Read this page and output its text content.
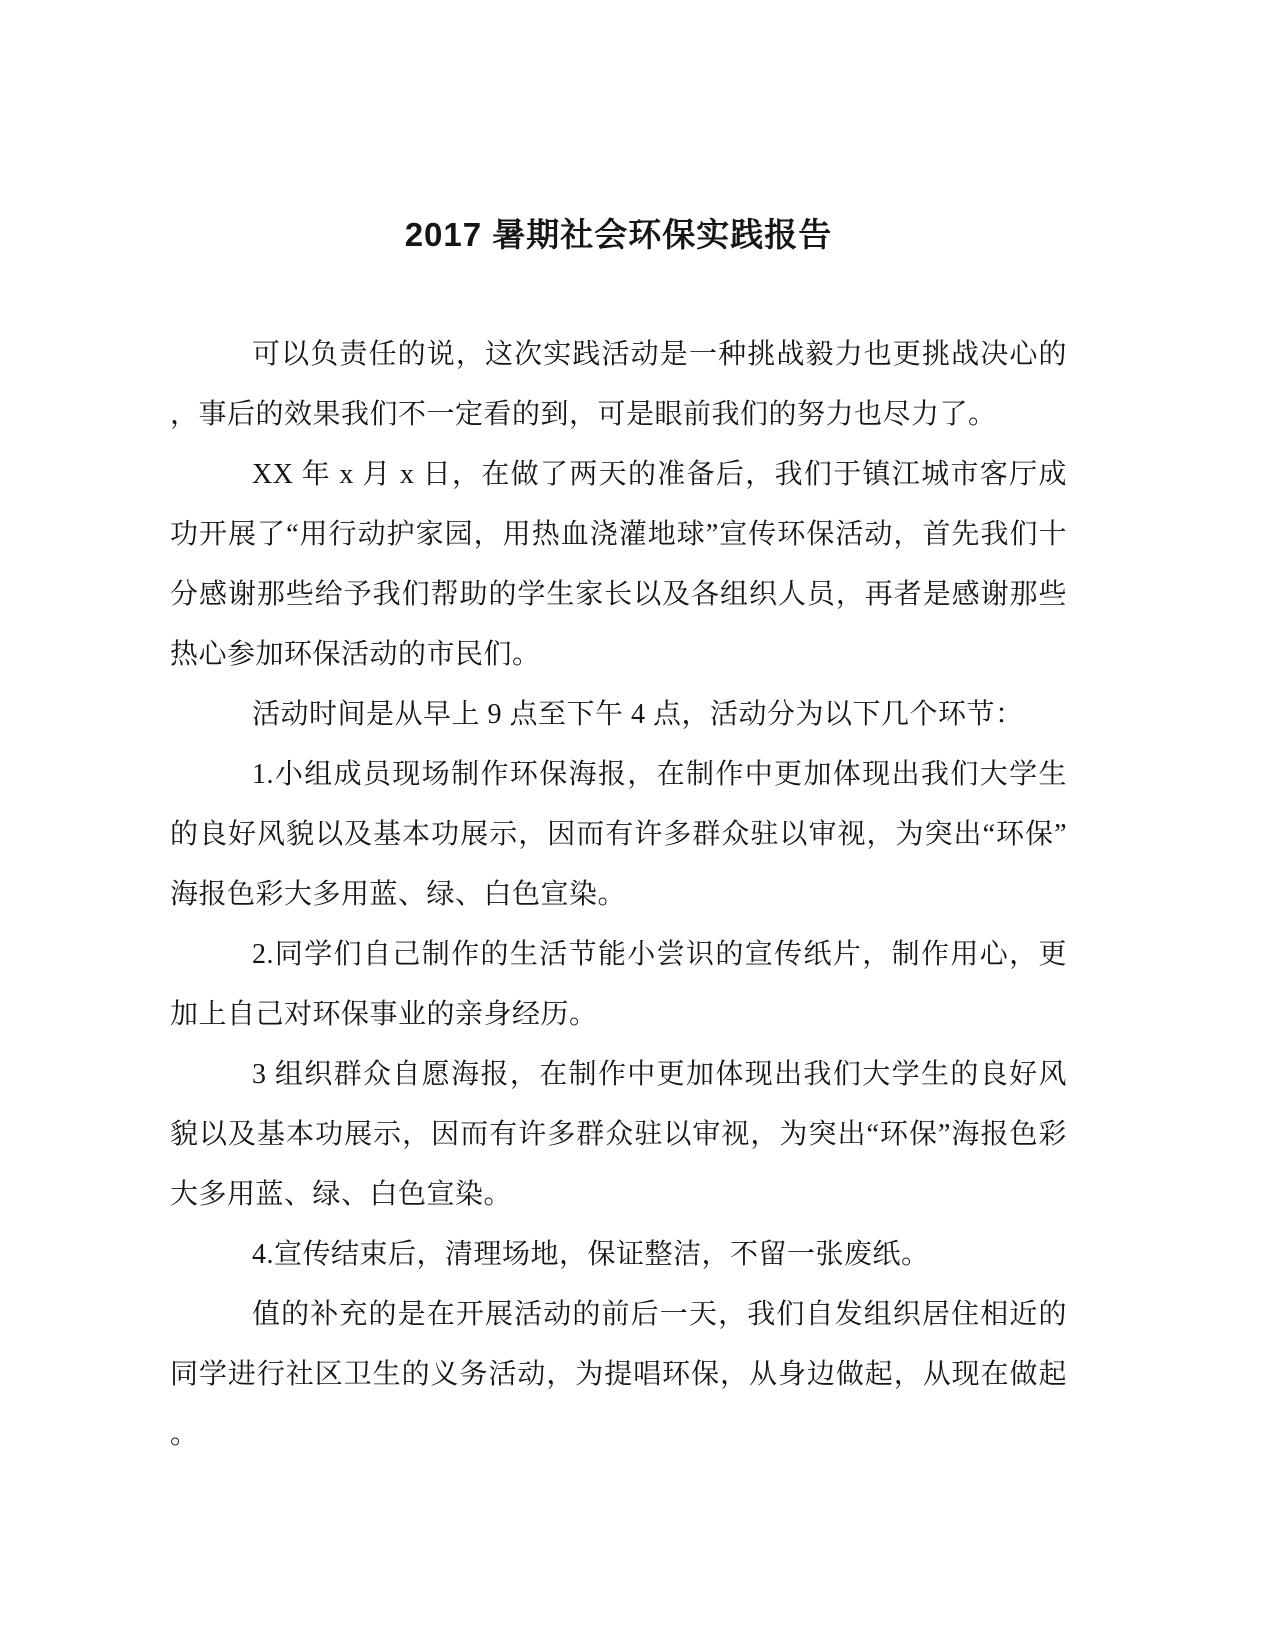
2017 暑期社会环保实践报告

可以负责任的说，这次实践活动是一种挑战毅力也更挑战决心的，事后的效果我们不一定看的到，可是眼前我们的努力也尽力了。

XX 年 x 月 x 日，在做了两天的准备后，我们于镇江城市客厅成功开展了“用行动护家园，用热血浇灌地球”宣传环保活动，首先我们十分感谢那些给予我们帮助的学生家长以及各组织人员，再者是感谢那些热心参加环保活动的市民们。

活动时间是从早上 9 点至下午 4 点，活动分为以下几个环节：

1.小组成员现场制作环保海报，在制作中更加体现出我们大学生的良好风貌以及基本功展示，因而有许多群众驻以审视，为突出“环保”海报色彩大多用蓝、绿、白色宣染。

2.同学们自己制作的生活节能小尝识的宣传纸片，制作用心，更加上自己对环保事业的亲身经历。

3 组织群众自愿海报，在制作中更加体现出我们大学生的良好风貌以及基本功展示，因而有许多群众驻以审视，为突出“环保”海报色彩大多用蓝、绿、白色宣染。

4.宣传结束后，清理场地，保证整洁，不留一张废纸。

值的补充的是在开展活动的前后一天，我们自发组织居住相近的同学进行社区卫生的义务活动，为提唱环保，从身边做起，从现在做起。
